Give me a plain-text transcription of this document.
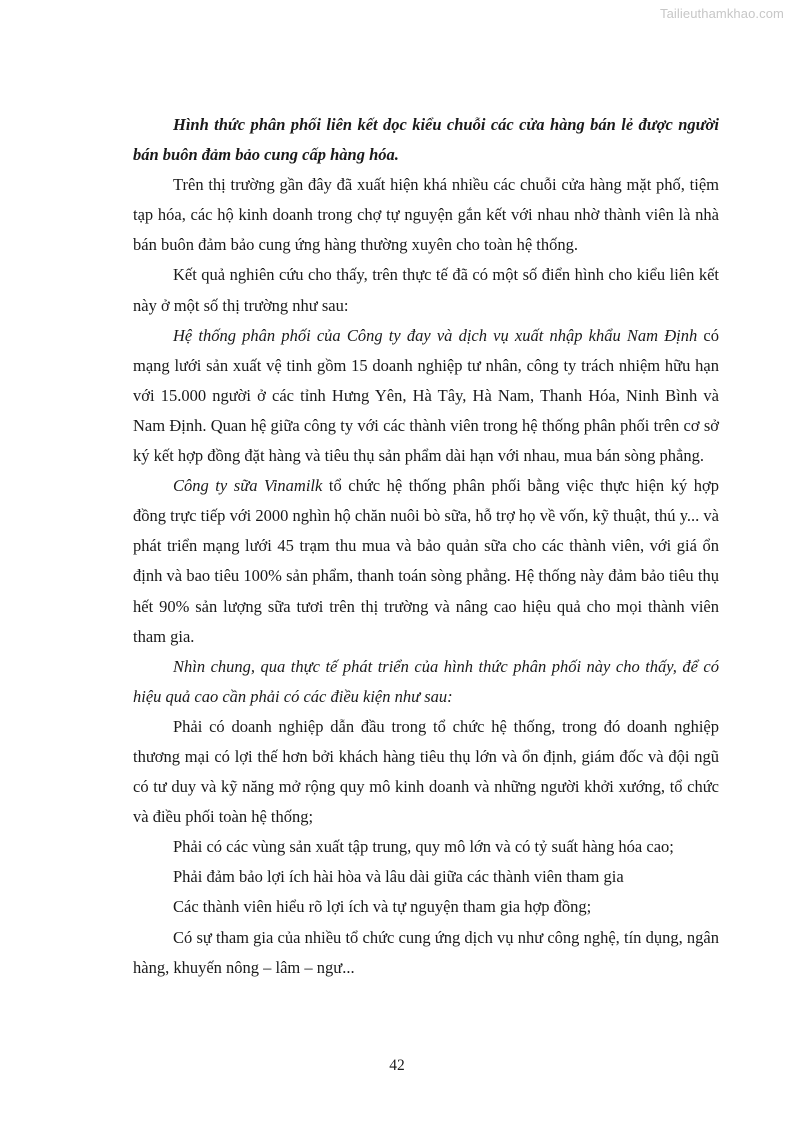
Tailieuthamkhao.com

Hình thức phân phối liên kết dọc kiểu chuỗi các cửa hàng bán lẻ được người bán buôn đảm bảo cung cấp hàng hóa.

Trên thị trường gần đây đã xuất hiện khá nhiều các chuỗi cửa hàng mặt phố, tiệm tạp hóa, các hộ kinh doanh trong chợ tự nguyện gắn kết với nhau nhờ thành viên là nhà bán buôn đảm bảo cung ứng hàng thường xuyên cho toàn hệ thống.

Kết quả nghiên cứu cho thấy, trên thực tế đã có một số điển hình cho kiểu liên kết này ở một số thị trường như sau:

Hệ thống phân phối của Công ty đay và dịch vụ xuất nhập khẩu Nam Định có mạng lưới sản xuất vệ tinh gồm 15 doanh nghiệp tư nhân, công ty trách nhiệm hữu hạn với 15.000 người ở các tỉnh Hưng Yên, Hà Tây, Hà Nam, Thanh Hóa, Ninh Bình và Nam Định. Quan hệ giữa công ty với các thành viên trong hệ thống phân phối trên cơ sở ký kết hợp đồng đặt hàng và tiêu thụ sản phẩm dài hạn với nhau, mua bán sòng phẳng.

Công ty sữa Vinamilk tổ chức hệ thống phân phối bằng việc thực hiện ký hợp đồng trực tiếp với 2000 nghìn hộ chăn nuôi bò sữa, hỗ trợ họ về vốn, kỹ thuật, thú y... và phát triển mạng lưới 45 trạm thu mua và bảo quản sữa cho các thành viên, với giá ổn định và bao tiêu 100% sản phẩm, thanh toán sòng phẳng. Hệ thống này đảm bảo tiêu thụ hết 90% sản lượng sữa tươi trên thị trường và nâng cao hiệu quả cho mọi thành viên tham gia.

Nhìn chung, qua thực tế phát triển của hình thức phân phối này cho thấy, để có hiệu quả cao cần phải có các điều kiện như sau:

Phải có doanh nghiệp dẫn đầu trong tổ chức hệ thống, trong đó doanh nghiệp thương mại có lợi thế hơn bởi khách hàng tiêu thụ lớn và ổn định, giám đốc và đội ngũ có tư duy và kỹ năng mở rộng quy mô kinh doanh và những người khởi xướng, tổ chức và điều phối toàn hệ thống;

Phải có các vùng sản xuất tập trung, quy mô lớn và có tỷ suất hàng hóa cao;

Phải đảm bảo lợi ích hài hòa và lâu dài giữa các thành viên tham gia

Các thành viên hiểu rõ lợi ích và tự nguyện tham gia hợp đồng;

Có sự tham gia của nhiều tổ chức cung ứng dịch vụ như công nghệ, tín dụng, ngân hàng, khuyến nông – lâm – ngư...

42
